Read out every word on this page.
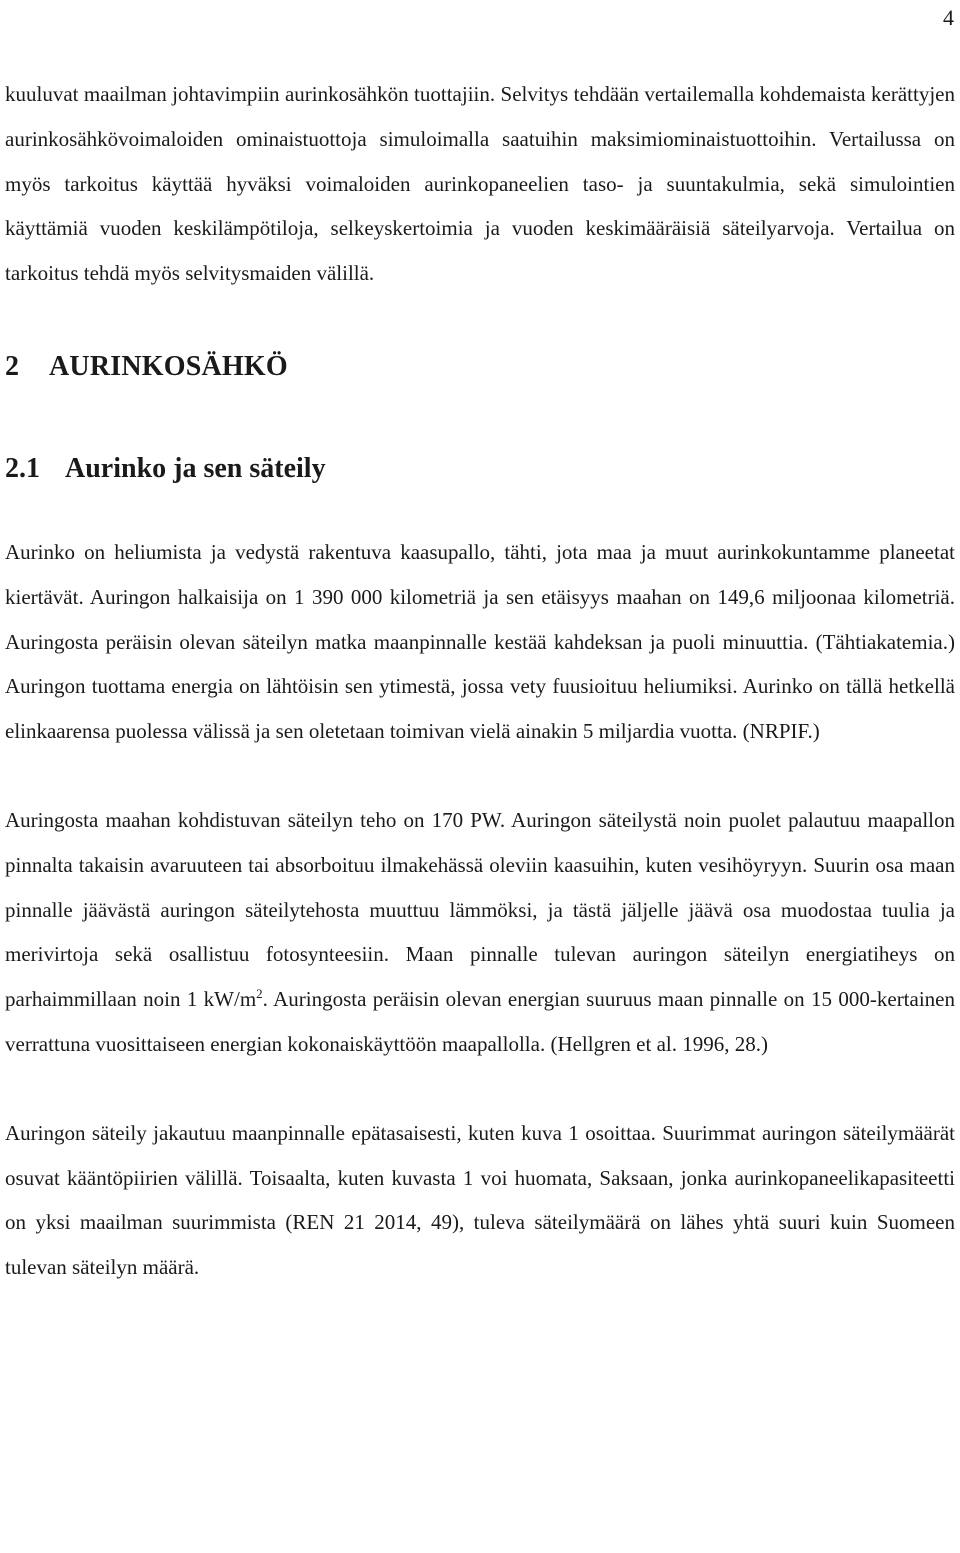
4

kuuluvat maailman johtavimpiin aurinkosähkön tuottajiin. Selvitys tehdään vertailemalla kohdemaista kerättyjen aurinkosähkövoimaloiden ominaistuottoja simuloimalla saatuihin maksimiominaistuottoihin. Vertailussa on myös tarkoitus käyttää hyväksi voimaloiden aurinkopaneelien taso- ja suuntakulmia, sekä simulointien käyttämiä vuoden keskilämpötiloja, selkeyskertoimia ja vuoden keskimääräisiä säteilyarvoja. Vertailua on tarkoitus tehdä myös selvitysmaiden välillä.

2 AURINKOSÄHKÖ
2.1 Aurinko ja sen säteily

Aurinko on heliumista ja vedystä rakentuva kaasupallo, tähti, jota maa ja muut aurinkokuntamme planeetat kiertävät. Auringon halkaisija on 1 390 000 kilometriä ja sen etäisyys maahan on 149,6 miljoonaa kilometriä. Auringosta peräisin olevan säteilyn matka maanpinnalle kestää kahdeksan ja puoli minuuttia. (Tähtiakatemia.) Auringon tuottama energia on lähtöisin sen ytimestä, jossa vety fuusioituu heliumiksi. Aurinko on tällä hetkellä elinkaarensa puolessa välissä ja sen oletetaan toimivan vielä ainakin 5 miljardia vuotta. (NRPIF.)

Auringosta maahan kohdistuvan säteilyn teho on 170 PW. Auringon säteilystä noin puolet palautuu maapallon pinnalta takaisin avaruuteen tai absorboituu ilmakehässä oleviin kaasuihin, kuten vesihöyryyn. Suurin osa maan pinnalle jäävästä auringon säteilytehosta muuttuu lämmöksi, ja tästä jäljelle jäävä osa muodostaa tuulia ja merivirtoja sekä osallistuu fotosynteesiin. Maan pinnalle tulevan auringon säteilyn energiatiheys on parhaimmillaan noin 1 $kW/m^2$. Auringosta peräisin olevan energian suuruus maan pinnalle on 15 000-kertainen verrattuna vuosittaiseen energian kokonaiskäyttöön maapallolla. (Hellgren et al. 1996, 28.)

Auringon säteily jakautuu maanpinnalle epätasaisesti, kuten kuva 1 osoittaa. Suurimmat auringon säteilymäärät osuvat kääntöpiirien välillä. Toisaalta, kuten kuvasta 1 voi huomata, Saksaan, jonka aurinkopaneelikapasiteetti on yksi maailman suurimmista (REN 21 2014, 49), tuleva säteilymäärä on lähes yhtä suuri kuin Suomeen tulevan säteilyn määrä.
